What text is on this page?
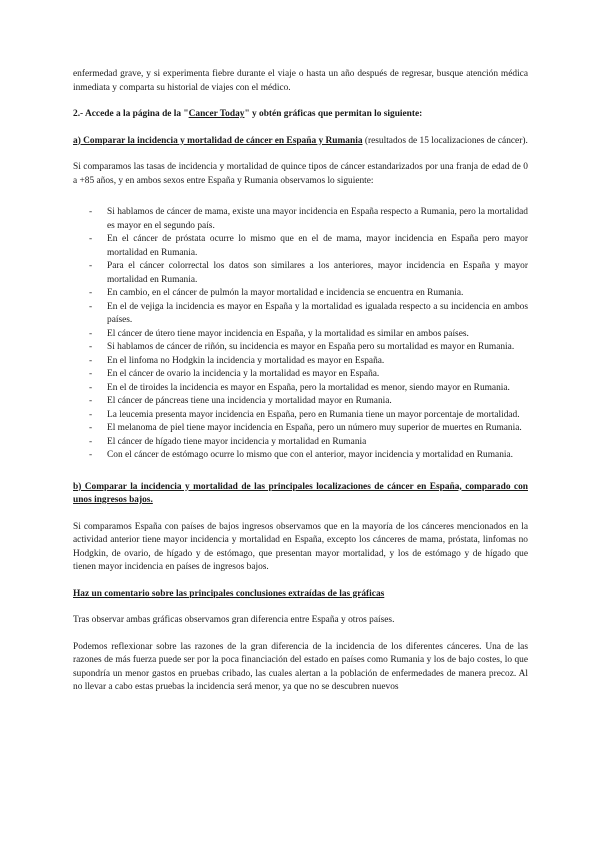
enfermedad grave, y si experimenta fiebre durante el viaje o hasta un año después de regresar, busque atención médica inmediata y comparta su historial de viajes con el médico.

2.- Accede a la página de la "Cancer Today" y obtén gráficas que permitan lo siguiente:

a) Comparar la incidencia y mortalidad de cáncer en España y Rumania (resultados de 15 localizaciones de cáncer).

Si comparamos las tasas de incidencia y mortalidad de quince tipos de cáncer estandarizados por una franja de edad de 0 a +85 años, y en ambos sexos entre España y Rumania observamos lo siguiente:

- Si hablamos de cáncer de mama, existe una mayor incidencia en España respecto a Rumania, pero la mortalidad es mayor en el segundo país.
- En el cáncer de próstata ocurre lo mismo que en el de mama, mayor incidencia en España pero mayor mortalidad en Rumania.
- Para el cáncer colorrectal los datos son similares a los anteriores, mayor incidencia en España y mayor mortalidad en Rumania.
- En cambio, en el cáncer de pulmón la mayor mortalidad e incidencia se encuentra en Rumania.
- En el de vejiga la incidencia es mayor en España y la mortalidad es igualada respecto a su incidencia en ambos países.
- El cáncer de útero tiene mayor incidencia en España, y la mortalidad es similar en ambos países.
- Si hablamos de cáncer de riñón, su incidencia es mayor en España pero su mortalidad es mayor en Rumania.
- En el linfoma no Hodgkin la incidencia y mortalidad es mayor en España.
- En el cáncer de ovario la incidencia y la mortalidad es mayor en España.
- En el de tiroides la incidencia es mayor en España, pero la mortalidad es menor, siendo mayor en Rumania.
- El cáncer de páncreas tiene una incidencia y mortalidad mayor en Rumania.
- La leucemia presenta mayor incidencia en España, pero en Rumania tiene un mayor porcentaje de mortalidad.
- El melanoma de piel tiene mayor incidencia en España, pero un número muy superior de muertes en Rumania.
- El cáncer de hígado tiene mayor incidencia y mortalidad en Rumania
- Con el cáncer de estómago ocurre lo mismo que con el anterior, mayor incidencia y mortalidad en Rumania.

b) Comparar la incidencia y mortalidad de las principales localizaciones de cáncer en España, comparado con unos ingresos bajos.

Si comparamos España con países de bajos ingresos observamos que en la mayoría de los cánceres mencionados en la actividad anterior tiene mayor incidencia y mortalidad en España, excepto los cánceres de mama, próstata, linfomas no Hodgkin, de ovario, de hígado y de estómago, que presentan mayor mortalidad, y los de estómago y de hígado que tienen mayor incidencia en países de ingresos bajos.

Haz un comentario sobre las principales conclusiones extraídas de las gráficas

Tras observar ambas gráficas observamos gran diferencia entre España y otros países.

Podemos reflexionar sobre las razones de la gran diferencia de la incidencia de los diferentes cánceres. Una de las razones de más fuerza puede ser por la poca financiación del estado en países como Rumania y los de bajo costes, lo que supondría un menor gastos en pruebas cribado, las cuales alertan a la población de enfermedades de manera precoz. Al no llevar a cabo estas pruebas la incidencia será menor, ya que no se descubren nuevos
